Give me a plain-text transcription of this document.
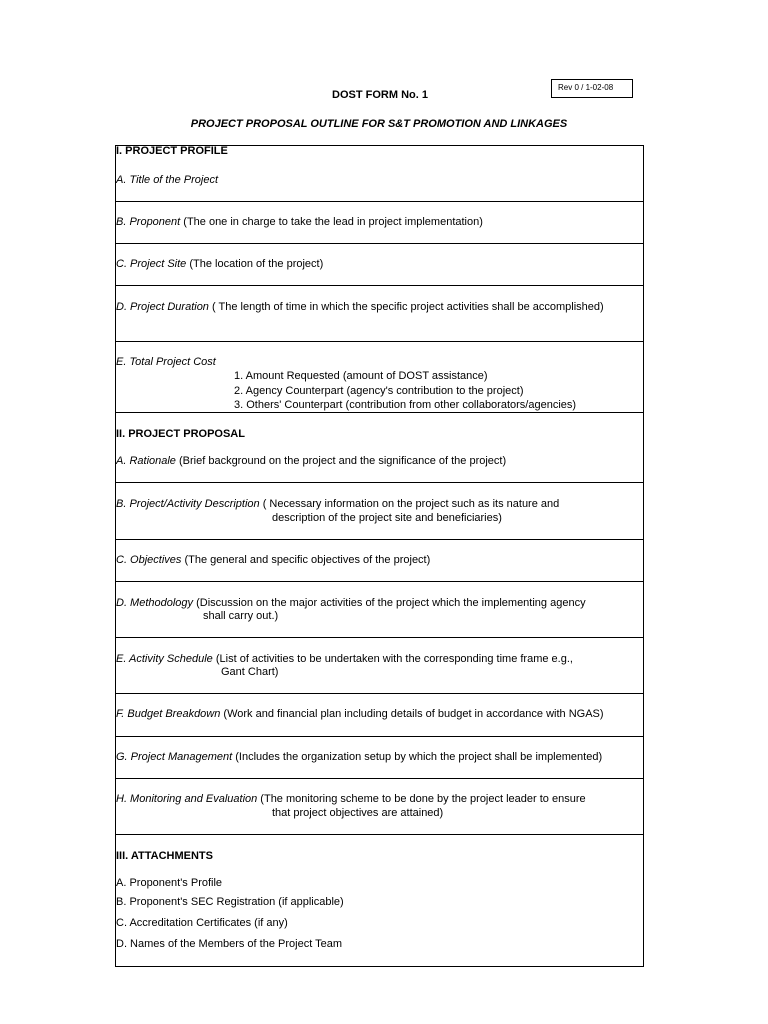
Rev 0 / 1-02-08
DOST FORM No. 1
PROJECT PROPOSAL OUTLINE FOR S&T PROMOTION AND LINKAGES
I. PROJECT PROFILE
A. Title of the Project
B. Proponent (The one in charge to take the lead in project implementation)
C. Project Site (The location of the project)
D. Project Duration ( The length of time in which the specific project activities shall be accomplished)
E. Total Project Cost
1. Amount Requested (amount of DOST assistance)
2. Agency Counterpart (agency's contribution to the project)
3. Others' Counterpart (contribution from other collaborators/agencies)
II. PROJECT PROPOSAL
A. Rationale (Brief background on the project and the significance of the project)
B. Project/Activity Description ( Necessary information on the project such as its nature and
description of the project site and beneficiaries)
C. Objectives (The general and specific objectives of the project)
D. Methodology (Discussion on the major activities of the project which the implementing agency
shall carry out.)
E. Activity Schedule (List of activities to be undertaken with the corresponding time frame e.g.,
Gant Chart)
F. Budget Breakdown (Work and financial plan including details of budget in accordance with NGAS)
G. Project Management (Includes the organization setup by which the project shall be implemented)
H. Monitoring and Evaluation (The monitoring scheme to be done by the project leader to ensure
that project objectives are attained)
III. ATTACHMENTS
A. Proponent's Profile
B. Proponent's SEC Registration (if applicable)
C. Accreditation Certificates (if any)
D. Names of the Members of the Project Team
